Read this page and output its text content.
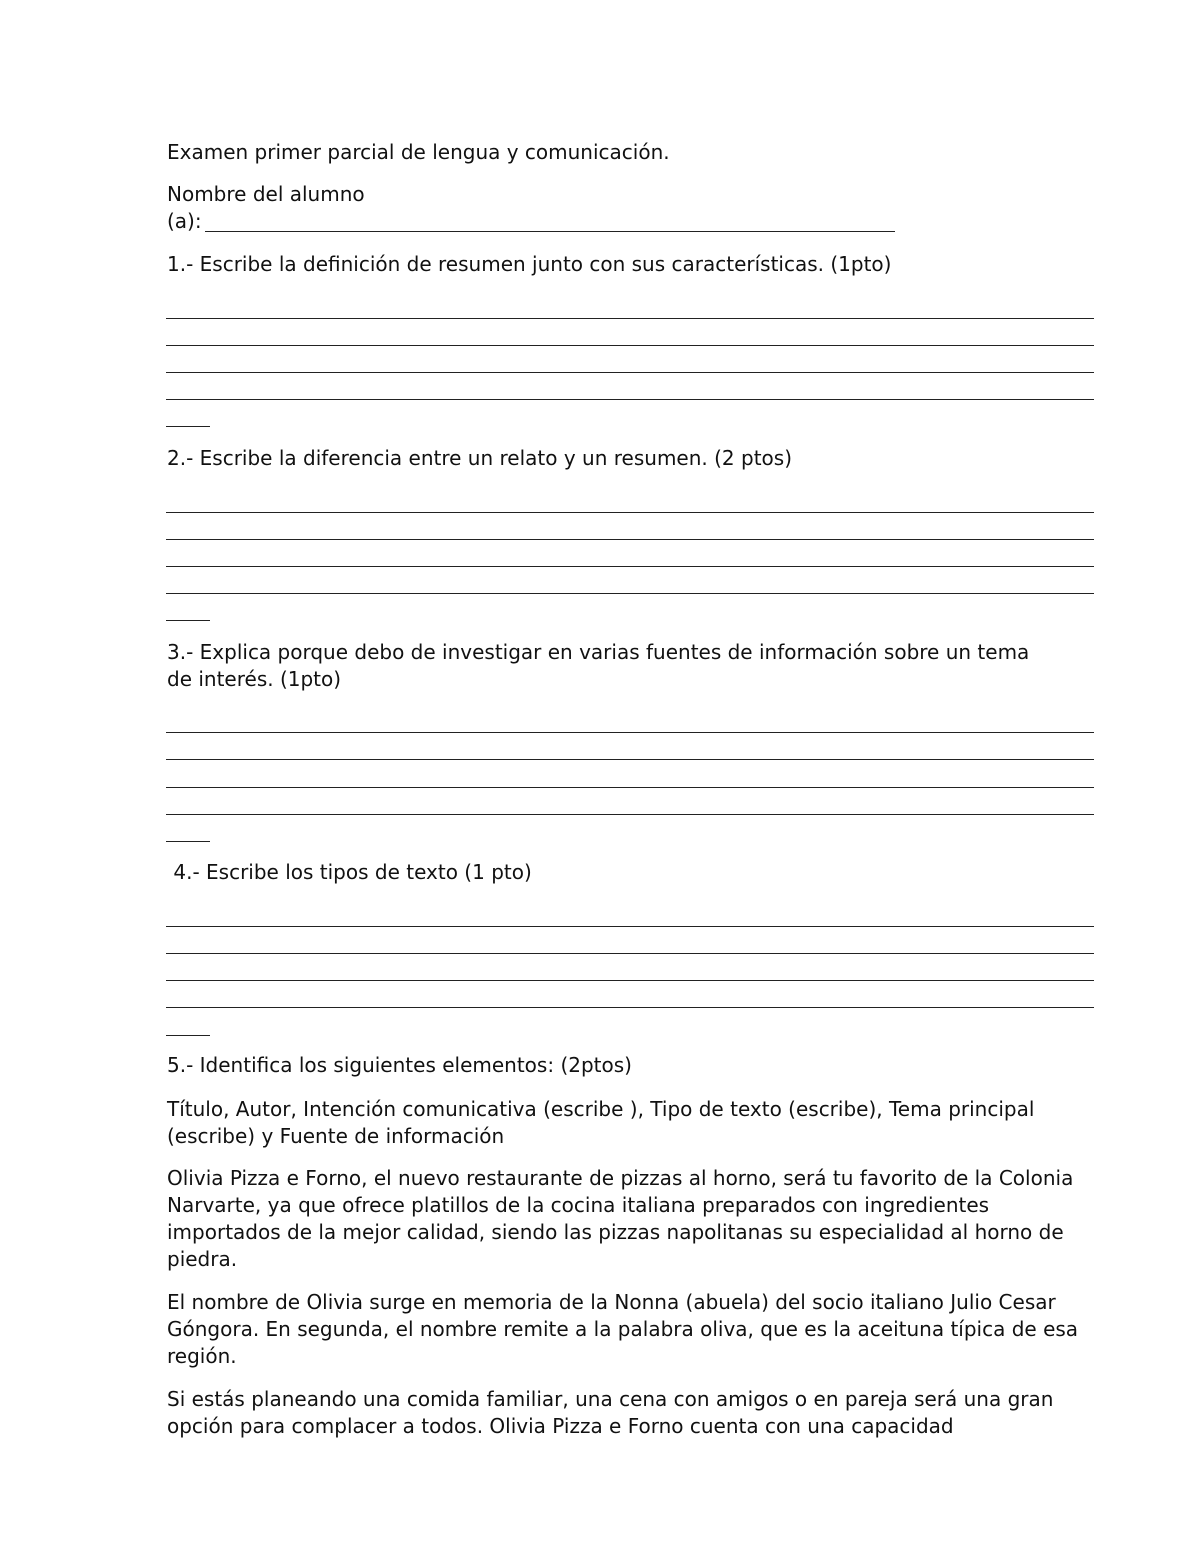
Examen primer parcial de lengua y comunicación.

Nombre del alumno

(a):

1.- Escribe la definición de resumen junto con sus características. (1pto)

2.- Escribe la diferencia entre un relato y un resumen. (2 ptos)

3.- Explica porque debo de investigar en varias fuentes de información sobre un tema

de interés. (1pto)

4.- Escribe los tipos de texto (1 pto)

5.- Identifica los siguientes elementos: (2ptos)

Título, Autor, Intención comunicativa (escribe ), Tipo de texto (escribe), Tema principal (escribe) y Fuente de información

Olivia Pizza e Forno, el nuevo restaurante de pizzas al horno, será tu favorito de la Colonia Narvarte, ya que ofrece platillos de la cocina italiana preparados con ingredientes importados de la mejor calidad, siendo las pizzas napolitanas su especialidad al horno de piedra.

El nombre de Olivia surge en memoria de la Nonna (abuela) del socio italiano Julio Cesar Góngora. En segunda, el nombre remite a la palabra oliva, que es la aceituna típica de esa región.

Si estás planeando una comida familiar, una cena con amigos o en pareja será una gran opción para complacer a todos. Olivia Pizza e Forno cuenta con una capacidad
